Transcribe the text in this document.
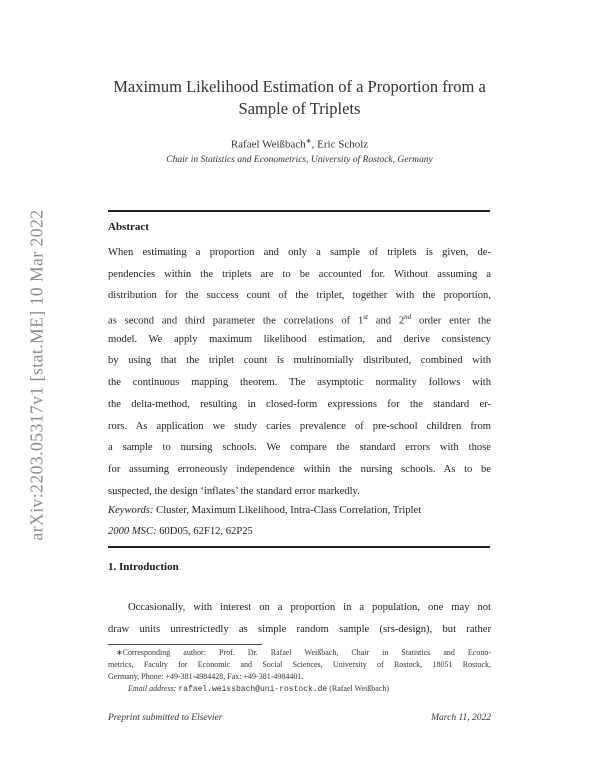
arXiv:2203.05317v1 [stat.ME] 10 Mar 2022
Maximum Likelihood Estimation of a Proportion from a
Sample of Triplets
Rafael Weißbach∗, Eric Scholz
Chair in Statistics and Econometrics, University of Rostock, Germany
Abstract
When estimating a proportion and only a sample of triplets is given, de-
pendencies within the triplets are to be accounted for. Without assuming a
distribution for the success count of the triplet, together with the proportion,
as second and third parameter the correlations of 1st and 2nd order enter the
model. We apply maximum likelihood estimation, and derive consistency
by using that the triplet count is multinomially distributed, combined with
the continuous mapping theorem. The asymptotic normality follows with
the delta-method, resulting in closed-form expressions for the standard er-
rors. As application we study caries prevalence of pre-school children from
a sample to nursing schools. We compare the standard errors with those
for assuming erroneously independence within the nursing schools. As to be
suspected, the design ‘inflates’ the standard error markedly.
Keywords: Cluster, Maximum Likelihood, Intra-Class Correlation, Triplet
2000 MSC: 60D05, 62F12, 62P25
1. Introduction
Occasionally, with interest on a proportion in a population, one may not
draw units unrestrictedly as simple random sample (srs-design), but rather
∗Corresponding author: Prof. Dr. Rafael Weißbach, Chair in Statistics and Econo-
metrics, Faculty for Economic and Social Sciences, University of Rostock, 18051 Rostock,
Germany, Phone: +49-381-4984428, Fax: +49-381-4984401.
Email address: rafael.weissbach@uni-rostock.de (Rafael Weißbach)
Preprint submitted to Elsevier	March 11, 2022
